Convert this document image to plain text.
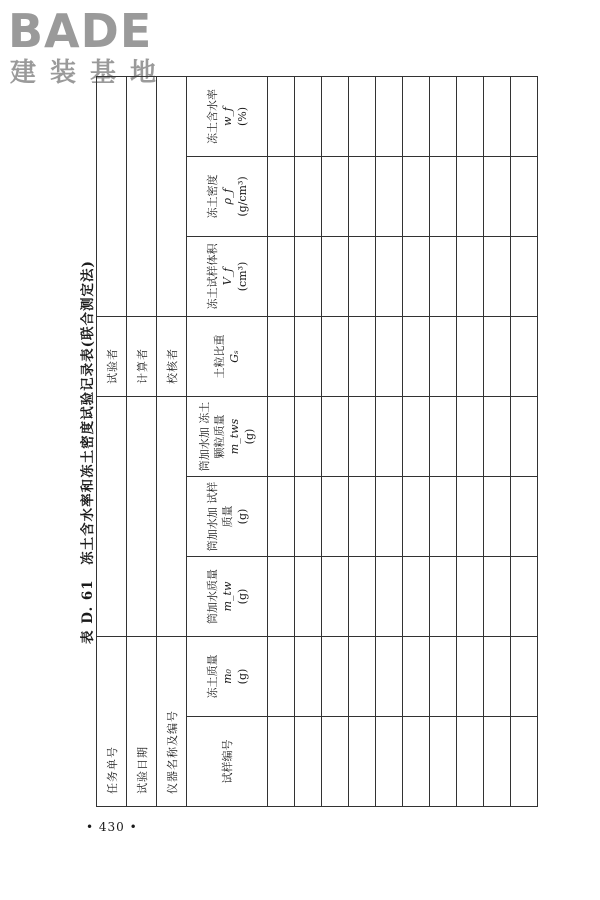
BADE
建装基地
表 D. 61　冻土含水率和冻土密度试验记录表(联合测定法)
任务单号					试验者			
试验日期					计算者			
仪器名称及编号					校核者			

试样编号	冻土质量 m₀ (g)	筒加水质量 m_tw (g)	筒加水加 试样质量 (g)	筒加水加 冻土颗粒质量 m_tws (g)	土粒比重 Gₛ	冻土试样体积 V_f (cm³)	冻土密度 ρ_f (g/cm³)	冻土含水率 w_f (%)

• 430 •
